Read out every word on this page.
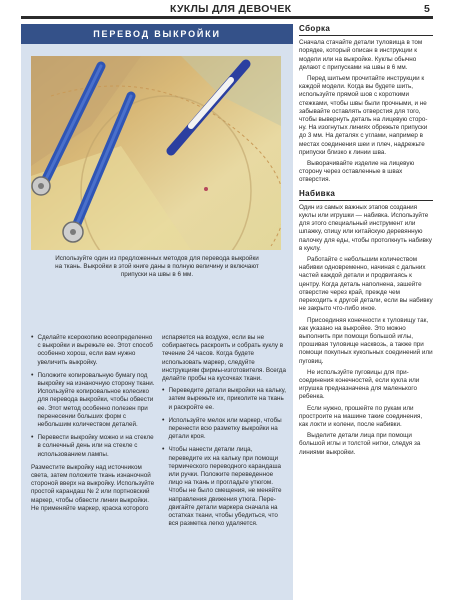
КУКЛЫ ДЛЯ ДЕВОЧЕК	5
ПЕРЕВОД ВЫКРОЙКИ
Используйте один из предложенных методов для перевода выкройки на ткань. Выкройки в этой книге даны в полную величину и включают припуски на швы в 6 мм.
• Сделайте ксерокопию всеопределенно с выкройки и вырежьте ее. Этот способ особенно хорош, если вам нужно увеличить выкройку.
• Положите копировальную бумагу под выкройку на изнаночную сторону ткани. Используйте копировальное колесико для перевода выкройки, чтобы обвести ее. Этот метод особенно полезен при перенесении больших форм с небольшим количеством деталей.
• Перевести выкройку можно и на стекле в солнечный день или на стекле с использованием лампы.

Разместите выкройку над источником света, затем положите ткань изнаночной стороной вверх на выкройку. Используйте простой карандаш № 2 или портновский маркер, чтобы обвести линии выкройки. Не применяйте маркер, краска которого

испаряется на воздухе, если вы не собираетесь раскроить и собрать куклу в течение 24 часов. Когда будете использовать маркер, следуйте инструкциям фирмы-изготовителя. Всегда делайте пробы на кусочках ткани.

• Переведите детали выкройки на кальку, затем вырежьте их, приколите на ткань и раскройте ее.
• Используйте мелок или маркер, чтобы перенести всю разметку выкройки на детали кроя.
• Чтобы нанести детали лица, переведите их на кальку при помощи термического переводного карандаша или ручки. Положите переведенное лицо на ткань и прогладьте утюгом. Чтобы не было смещения, не меняйте направления движения утюга. Передвигайте детали маркера сначала на остатках ткани, чтобы убедиться, что вся разметка легко удаляется.
Сборка

Сначала стачайте детали туловища в том порядке, который описан в инструкции к модели или на выкройке. Куклы обычно делают с припусками на швы в 6 мм.

Перед шитьем прочитайте инструкции к каждой модели. Когда вы будете шить, используйте прямой шов с короткими стежками, чтобы швы были прочными, и не забывайте оставлять отверстия для того, чтобы вывернуть деталь на лицевую сторону. На изогнутых линиях обрежьте припуски до 3 мм. На деталях с углами, например в местах соединения шеи и плеч, надрежьте припуски близко к линии шва.

Выворачивайте изделие на лицевую сторону через оставленные в швах отверстия.

Набивка

Один из самых важных этапов создания куклы или игрушки — набивка. Используйте для этого специальный инструмент или шпажку, спицу или китайскую деревянную палочку для еды, чтобы протолкнуть набивку в куклу.

Работайте с небольшим количеством набивки одновременно, начиная с дальних частей каждой детали и продвигаясь к центру. Когда деталь наполнена, зашейте отверстие через край, прежде чем переходить к другой детали, если вы набивку не закрыто что-либо иное.

Присоединяя конечности к туловищу так, как указано на выкройке. Это можно выполнить при помощи большой иглы, прошивая туловище насквозь, а также при помощи покупных кукольных соединений или пуговиц.

Не используйте пуговицы для присоединения конечностей, если кукла или игрушка предназначена для маленького ребенка.

Если нужно, прошейте по рукам или простроите на машине такие соединения, как локти и колени, после набивки.

Выделите детали лица при помощи большой иглы и толстой нитки, следуя за линиями выкройки.
